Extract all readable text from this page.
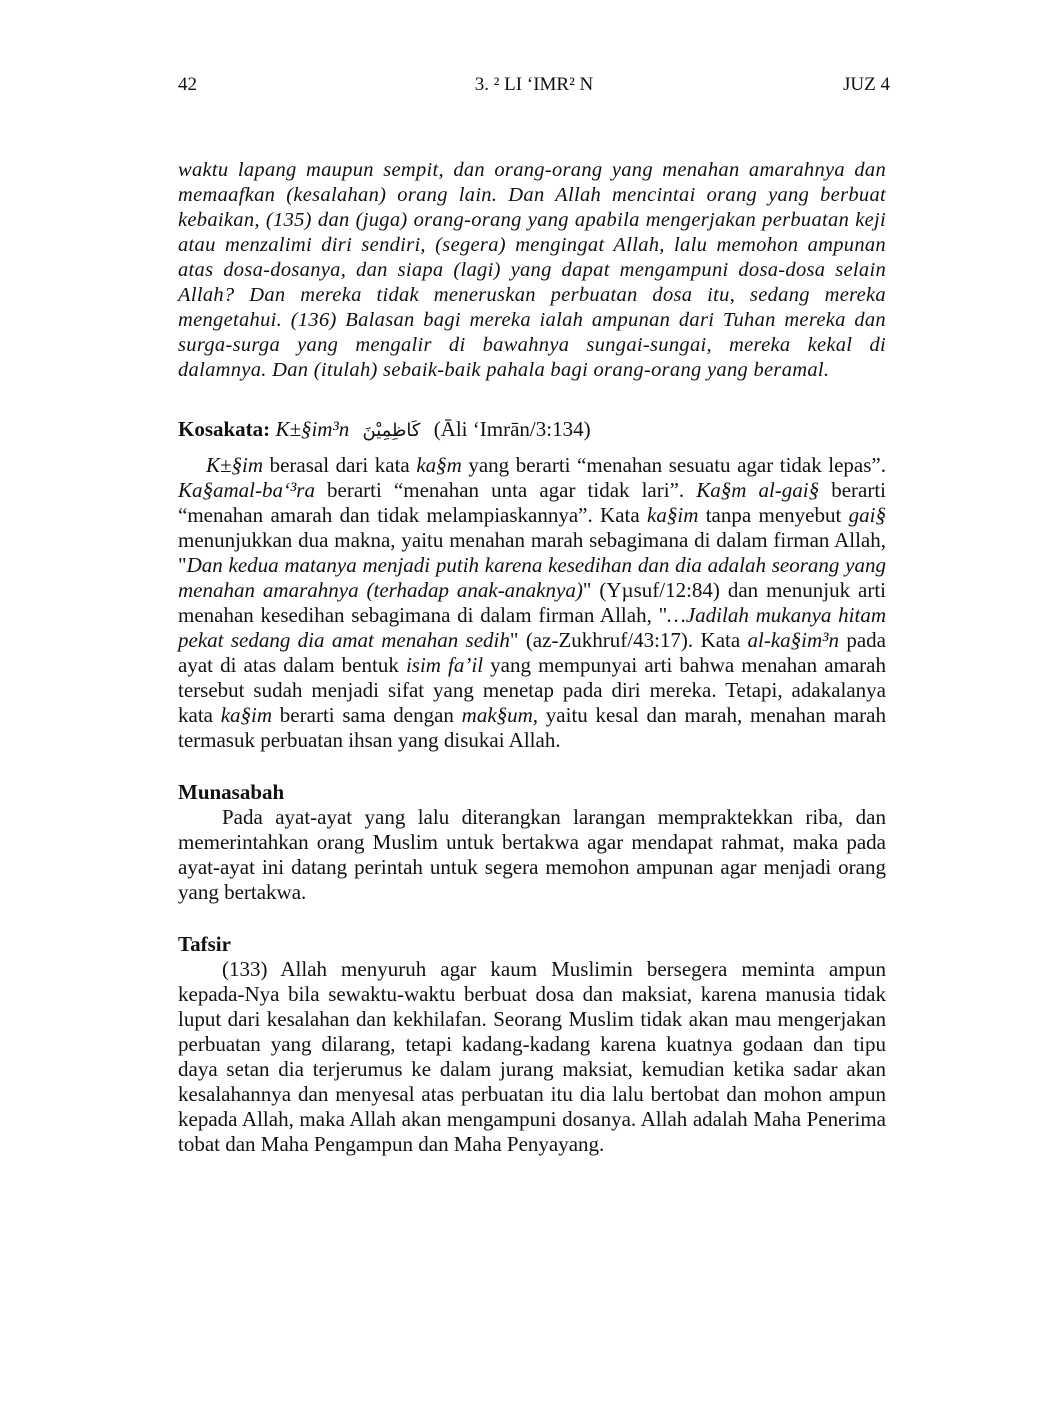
42	3. ² LI ‘IMR² N	JUZ 4

waktu lapang maupun sempit, dan orang-orang yang menahan amarahnya dan memaafkan (kesalahan) orang lain. Dan Allah mencintai orang yang berbuat kebaikan, (135) dan (juga) orang-orang yang apabila mengerjakan perbuatan keji atau menzalimi diri sendiri, (segera) mengingat Allah, lalu memohon ampunan atas dosa-dosanya, dan siapa (lagi) yang dapat mengampuni dosa-dosa selain Allah? Dan mereka tidak meneruskan perbuatan dosa itu, sedang mereka mengetahui. (136) Balasan bagi mereka ialah ampunan dari Tuhan mereka dan surga-surga yang mengalir di bawahnya sungai-sungai, mereka kekal di dalamnya. Dan (itulah) sebaik-baik pahala bagi orang-orang yang beramal.

Kosakata: K±§im³n كَاظِمِيْنَ (Āli ‘Imrān/3:134)

K±§im berasal dari kata ka§m yang berarti “menahan sesuatu agar tidak lepas”. Ka§amal-ba‘³ra berarti “menahan unta agar tidak lari”. Ka§m al-gai§ berarti “menahan amarah dan tidak melampiaskannya”. Kata ka§im tanpa menyebut gai§ menunjukkan dua makna, yaitu menahan marah sebagimana di dalam firman Allah, "Dan kedua matanya menjadi putih karena kesedihan dan dia adalah seorang yang menahan amarahnya (terhadap anak-anaknya)" (Yµsuf/12:84) dan menunjuk arti menahan kesedihan sebagimana di dalam firman Allah, "…Jadilah mukanya hitam pekat sedang dia amat menahan sedih" (az-Zukhruf/43:17). Kata al-ka§im³n pada ayat di atas dalam bentuk isim fa’il yang mempunyai arti bahwa menahan amarah tersebut sudah menjadi sifat yang menetap pada diri mereka. Tetapi, adakalanya kata ka§im berarti sama dengan mak§um, yaitu kesal dan marah, menahan marah termasuk perbuatan ihsan yang disukai Allah.

Munasabah

Pada ayat-ayat yang lalu diterangkan larangan mempraktekkan riba, dan memerintahkan orang Muslim untuk bertakwa agar mendapat rahmat, maka pada ayat-ayat ini datang perintah untuk segera memohon ampunan agar menjadi orang yang bertakwa.

Tafsir

(133) Allah menyuruh agar kaum Muslimin bersegera meminta ampun kepada-Nya bila sewaktu-waktu berbuat dosa dan maksiat, karena manusia tidak luput dari kesalahan dan kekhilafan. Seorang Muslim tidak akan mau mengerjakan perbuatan yang dilarang, tetapi kadang-kadang karena kuatnya godaan dan tipu daya setan dia terjerumus ke dalam jurang maksiat, kemudian ketika sadar akan kesalahannya dan menyesal atas perbuatan itu dia lalu bertobat dan mohon ampun kepada Allah, maka Allah akan mengampuni dosanya. Allah adalah Maha Penerima tobat dan Maha Pengampun dan Maha Penyayang.
